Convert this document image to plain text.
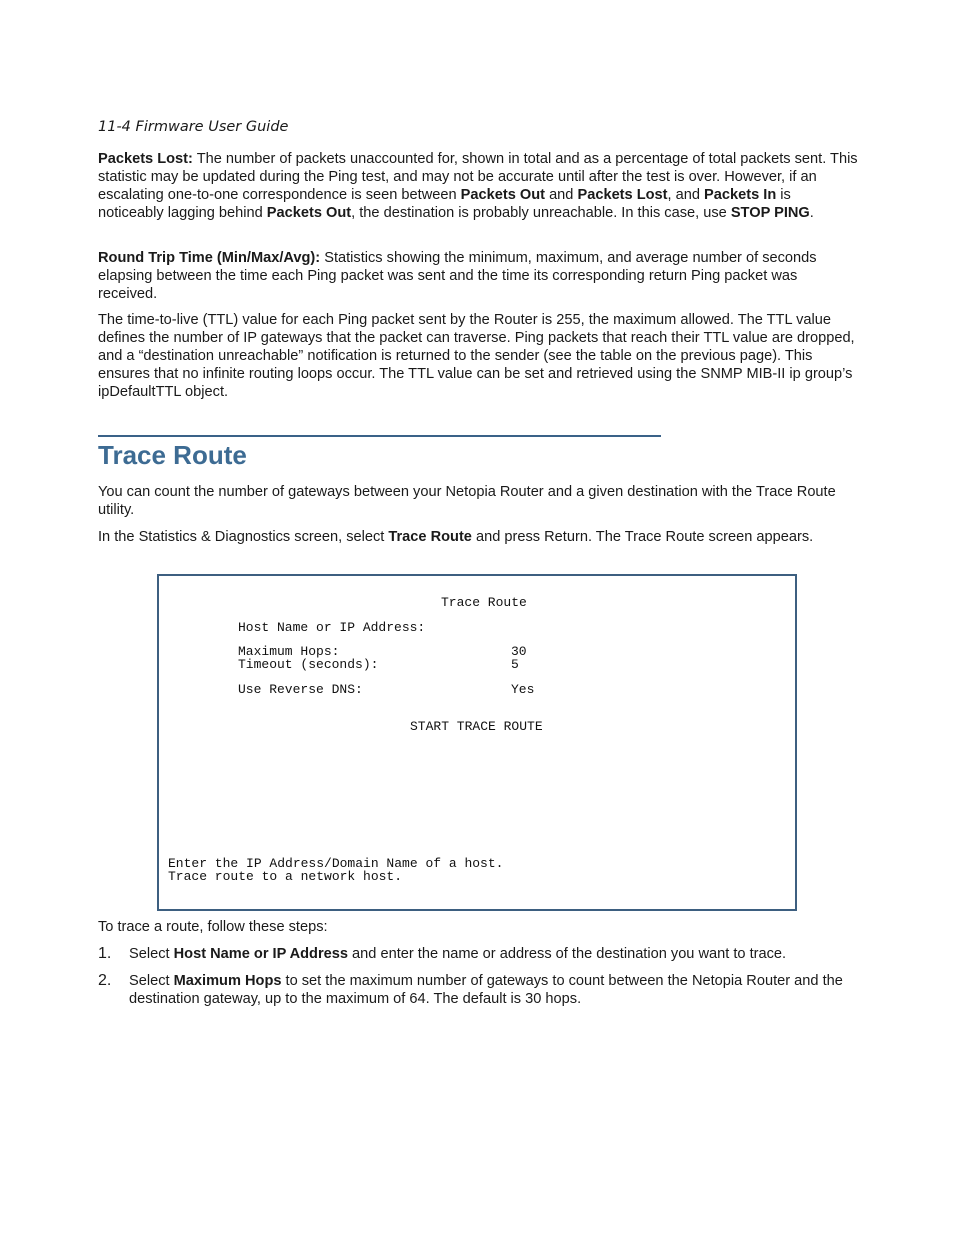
11-4 Firmware User Guide

Packets Lost: The number of packets unaccounted for, shown in total and as a percentage of total packets sent. This statistic may be updated during the Ping test, and may not be accurate until after the test is over. However, if an escalating one-to-one correspondence is seen between Packets Out and Packets Lost, and Packets In is noticeably lagging behind Packets Out, the destination is probably unreachable. In this case, use STOP PING.

Round Trip Time (Min/Max/Avg): Statistics showing the minimum, maximum, and average number of seconds elapsing between the time each Ping packet was sent and the time its corresponding return Ping packet was received.

The time-to-live (TTL) value for each Ping packet sent by the Router is 255, the maximum allowed. The TTL value defines the number of IP gateways that the packet can traverse. Ping packets that reach their TTL value are dropped, and a “destination unreachable” notification is returned to the sender (see the table on the previous page). This ensures that no infinite routing loops occur. The TTL value can be set and retrieved using the SNMP MIB-II ip group’s ipDefaultTTL object.

Trace Route

You can count the number of gateways between your Netopia Router and a given destination with the Trace Route utility.

In the Statistics & Diagnostics screen, select Trace Route and press Return. The Trace Route screen appears.

To trace a route, follow these steps:

1. Select Host Name or IP Address and enter the name or address of the destination you want to trace.

2. Select Maximum Hops to set the maximum number of gateways to count between the Netopia Router and the destination gateway, up to the maximum of 64. The default is 30 hops.

Trace Route
Host Name or IP Address:
Maximum Hops:	30
Timeout (seconds):	5
Use Reverse DNS:	Yes
START TRACE ROUTE
Enter the IP Address/Domain Name of a host.
Trace route to a network host.
